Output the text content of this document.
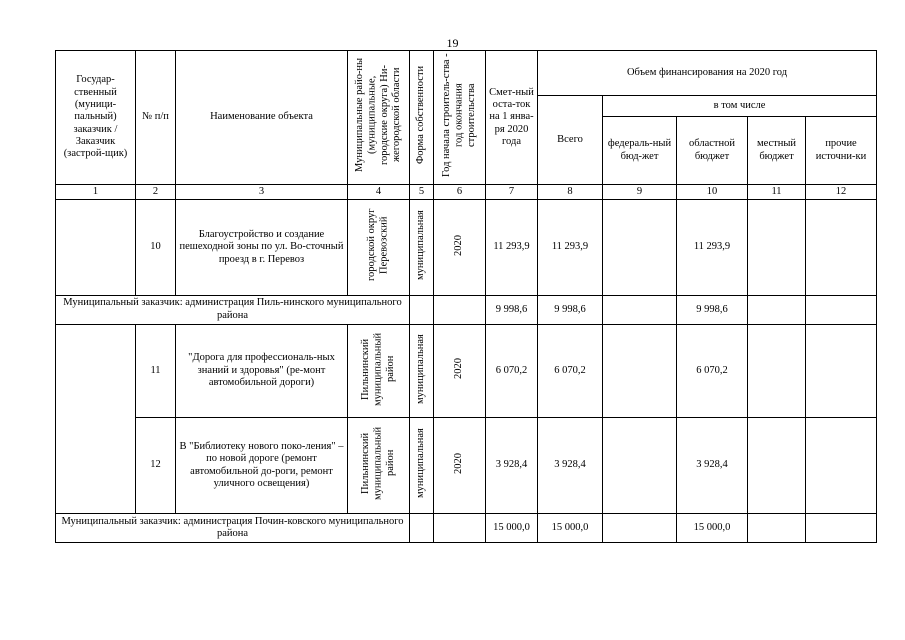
19
Государ-ственный (муници-пальный) заказчик / Заказчик (застрой-щик)	№ п/п	Наименование объекта	Муниципальные райо-ны (муниципальные, городские округа) Ни-жегородской области	Форма собственности	Год начала строитель-ства - год окончания строительства	Смет-ный оста-ток на 1 янва-ря 2020 года	Объем финансирования на 2020 год				
							Всего	в том числе			
								федераль-ный бюд-жет	областной бюджет	местный бюджет	прочие источни-ки
1	2	3	4	5	6	7	8	9	10	11	12
	10	Благоустройство и создание пешеходной зоны по ул. Во-сточный проезд в г. Перевоз	городской округ Перевозский	муниципальная	2020	11 293,9	11 293,9		11 293,9		
Муниципальный заказчик: администрация Пиль-нинского муниципального района						9 998,6	9 998,6		9 998,6		
	11	"Дорога для профессиональ-ных знаний и здоровья" (ре-монт автомобильной дороги)	Пильнинский муниципальный район	муниципальная	2020	6 070,2	6 070,2		6 070,2		
	12	В "Библиотеку нового поко-ления" – по новой дороге (ремонт автомобильной до-роги, ремонт уличного освещения)	Пильнинский муниципальный район	муниципальная	2020	3 928,4	3 928,4		3 928,4		
Муниципальный заказчик: администрация Почин-ковского муниципального района						15 000,0	15 000,0		15 000,0		
